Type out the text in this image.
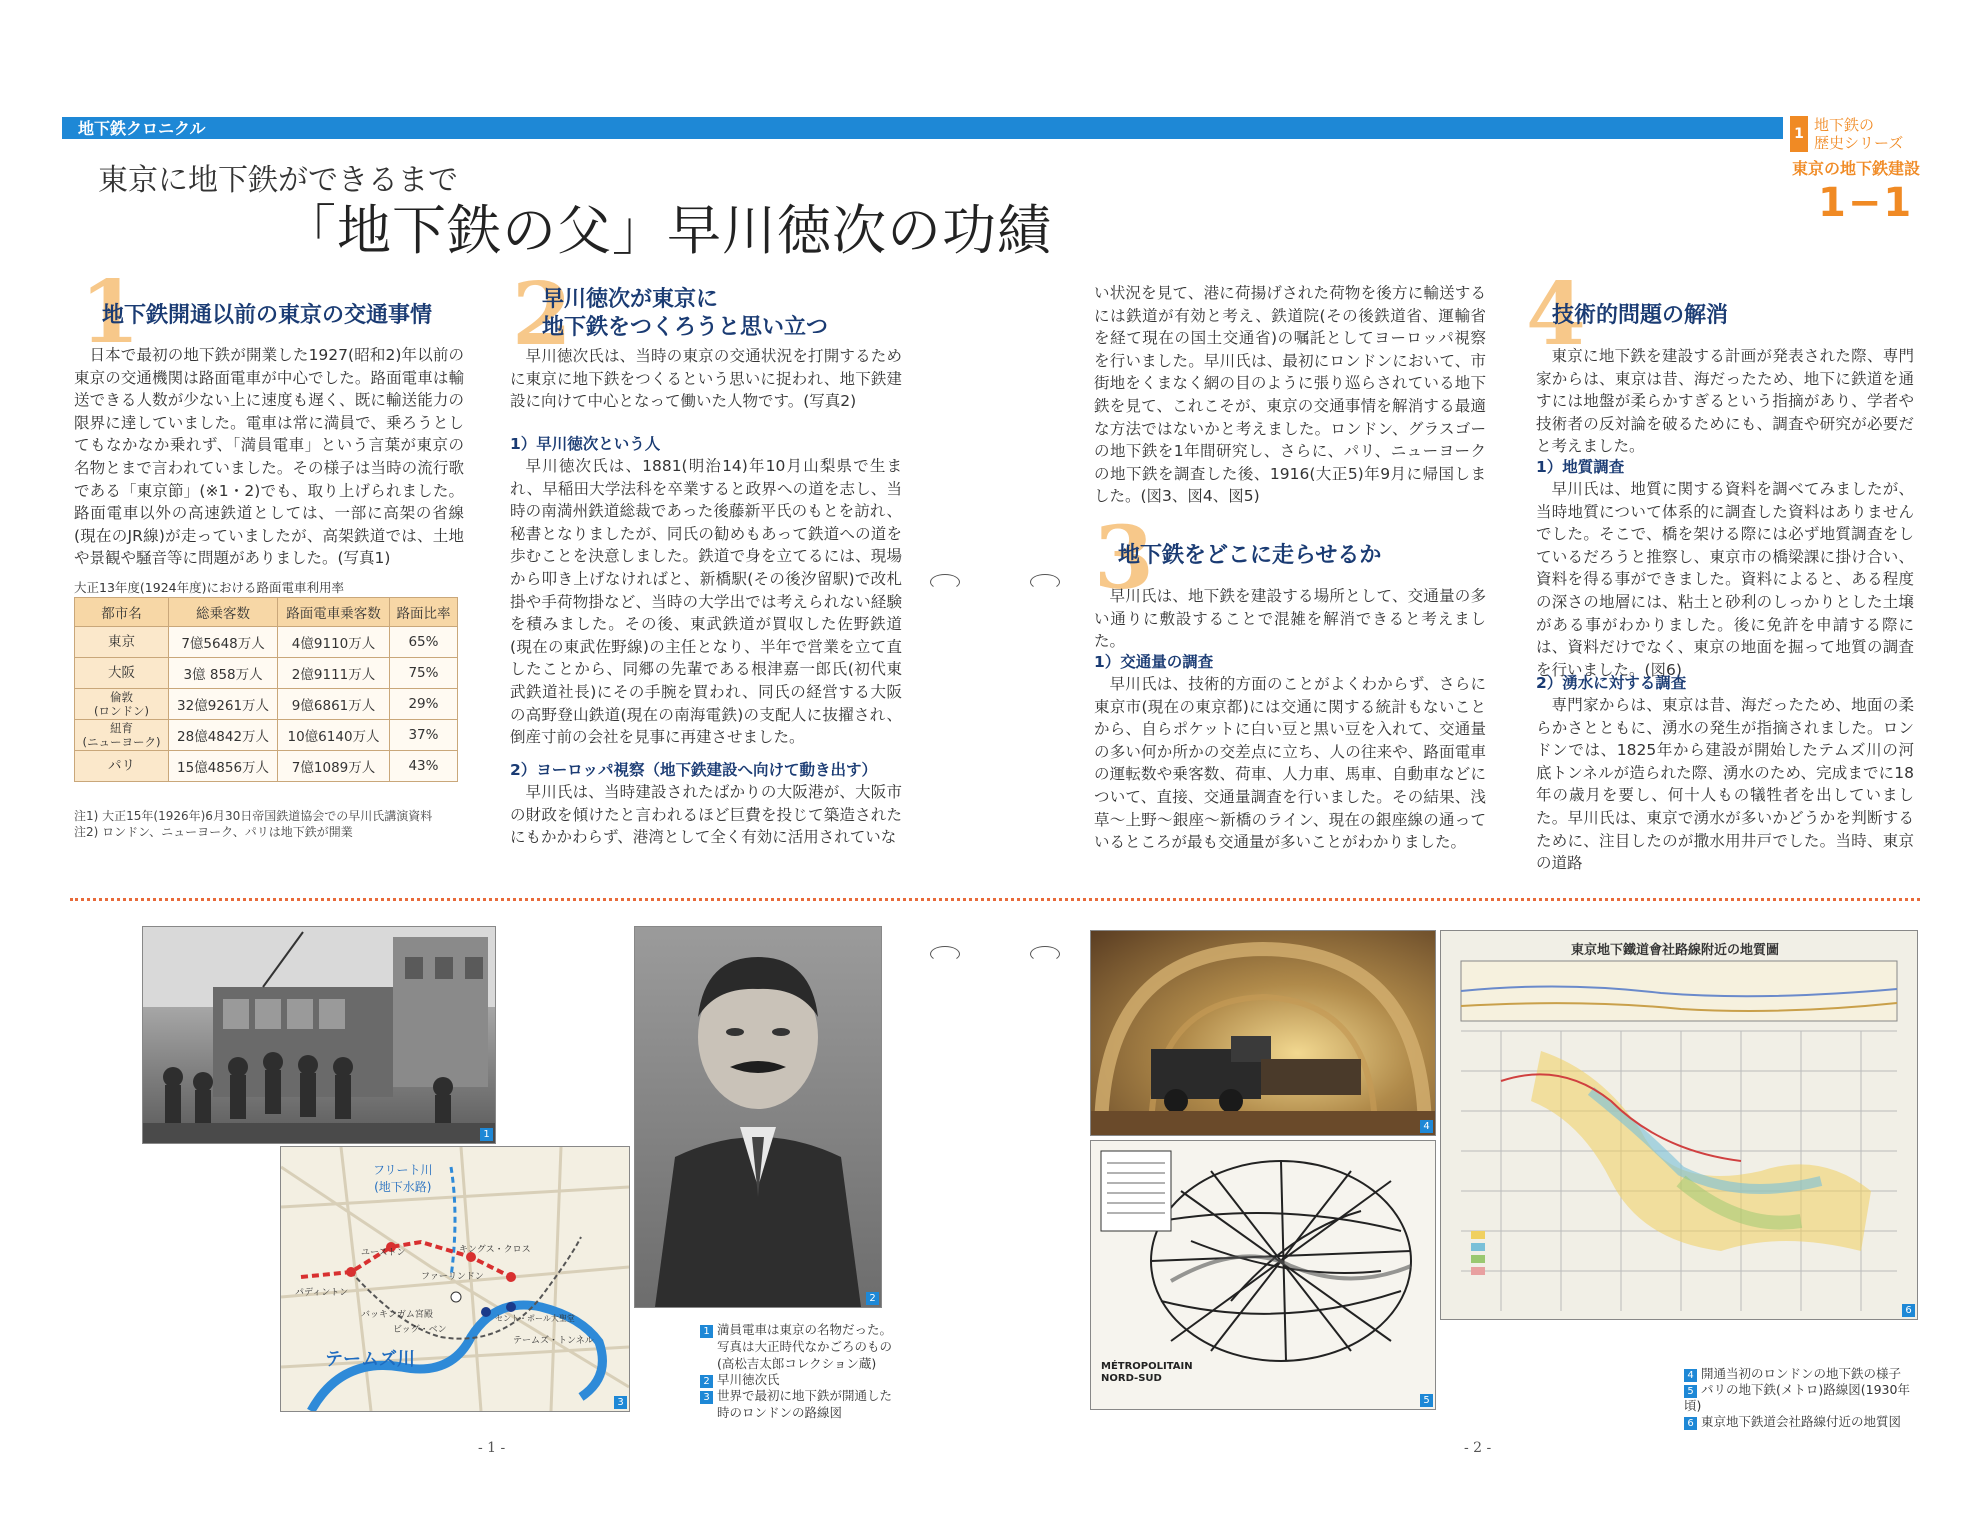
地下鉄クロニクル	1 地下鉄の
歴史シリーズ
東京の地下鉄建設
1−1
東京に地下鉄ができるまで
「地下鉄の父」早川徳次の功績
1
地下鉄開通以前の東京の交通事情
日本で最初の地下鉄が開業した1927(昭和2)年以前の東京の交通機関は路面電車が中心でした。路面電車は輸送できる人数が少ない上に速度も遅く、既に輸送能力の限界に達していました。電車は常に満員で、乗ろうとしてもなかなか乗れず、「満員電車」という言葉が東京の名物とまで言われていました。その様子は当時の流行歌である「東京節」(※1・2)でも、取り上げられました。路面電車以外の高速鉄道としては、一部に高架の省線(現在のJR線)が走っていましたが、高架鉄道では、土地や景観や騒音等に問題がありました。(写真1)
大正13年度(1924年度)における路面電車利用率
都市名	総乗客数	路面電車乗客数	路面比率
東京	7億5648万人	4億9110万人	65%
大阪	3億 858万人	2億9111万人	75%
倫敦
(ロンドン)	32億9261万人	9億6861万人	29%
紐育
(ニューヨーク)	28億4842万人	10億6140万人	37%
パリ	15億4856万人	7億1089万人	43%
注1) 大正15年(1926年)6月30日帝国鉄道協会での早川氏講演資料
注2) ロンドン、ニューヨーク、パリは地下鉄が開業
2
早川徳次が東京に
地下鉄をつくろうと思い立つ
早川徳次氏は、当時の東京の交通状況を打開するために東京に地下鉄をつくるという思いに捉われ、地下鉄建設に向けて中心となって働いた人物です。(写真2)
1）早川徳次という人
早川徳次氏は、1881(明治14)年10月山梨県で生まれ、早稲田大学法科を卒業すると政界への道を志し、当時の南満州鉄道総裁であった後藤新平氏のもとを訪れ、秘書となりましたが、同氏の勧めもあって鉄道への道を歩むことを決意しました。鉄道で身を立てるには、現場から叩き上げなければと、新橋駅(その後汐留駅)で改札掛や手荷物掛など、当時の大学出では考えられない経験を積みました。その後、東武鉄道が買収した佐野鉄道(現在の東武佐野線)の主任となり、半年で営業を立て直したことから、同郷の先輩である根津嘉一郎氏(初代東武鉄道社長)にその手腕を買われ、同氏の経営する大阪の高野登山鉄道(現在の南海電鉄)の支配人に抜擢され、倒産寸前の会社を見事に再建させました。
2）ヨーロッパ視察（地下鉄建設へ向けて動き出す）
早川氏は、当時建設されたばかりの大阪港が、大阪市の財政を傾けたと言われるほど巨費を投じて築造されたにもかかわらず、港湾として全く有効に活用されていな
い状況を見て、港に荷揚げされた荷物を後方に輸送するには鉄道が有効と考え、鉄道院(その後鉄道省、運輸省を経て現在の国土交通省)の嘱託としてヨーロッパ視察を行いました。早川氏は、最初にロンドンにおいて、市街地をくまなく網の目のように張り巡らされている地下鉄を見て、これこそが、東京の交通事情を解消する最適な方法ではないかと考えました。ロンドン、グラスゴーの地下鉄を1年間研究し、さらに、パリ、ニューヨークの地下鉄を調査した後、1916(大正5)年9月に帰国しました。(図3、図4、図5)
3
地下鉄をどこに走らせるか
早川氏は、地下鉄を建設する場所として、交通量の多い通りに敷設することで混雑を解消できると考えました。
1）交通量の調査
早川氏は、技術的方面のことがよくわからず、さらに東京市(現在の東京都)には交通に関する統計もないことから、自らポケットに白い豆と黒い豆を入れて、交通量の多い何か所かの交差点に立ち、人の往来や、路面電車の運転数や乗客数、荷車、人力車、馬車、自動車などについて、直接、交通量調査を行いました。その結果、浅草〜上野〜銀座〜新橋のライン、現在の銀座線の通っているところが最も交通量が多いことがわかりました。
4
技術的問題の解消
東京に地下鉄を建設する計画が発表された際、専門家からは、東京は昔、海だったため、地下に鉄道を通すには地盤が柔らかすぎるという指摘があり、学者や技術者の反対論を破るためにも、調査や研究が必要だと考えました。
1）地質調査
早川氏は、地質に関する資料を調べてみましたが、当時地質について体系的に調査した資料はありませんでした。そこで、橋を架ける際には必ず地質調査をしているだろうと推察し、東京市の橋梁課に掛け合い、資料を得る事ができました。資料によると、ある程度の深さの地層には、粘土と砂利のしっかりとした土壌がある事がわかりました。後に免許を申請する際には、資料だけでなく、東京の地面を掘って地質の調査を行いました。(図6)
2）湧水に対する調査
専門家からは、東京は昔、海だったため、地面の柔らかさとともに、湧水の発生が指摘されました。ロンドンでは、1825年から建設が開始したテムズ川の河底トンネルが造られた際、湧水のため、完成までに18年の歳月を要し、何十人もの犠牲者を出していました。早川氏は、東京で湧水が多いかどうかを判断するために、注目したのが撒水用井戸でした。当時、東京の道路
1
2
フリート川
(地下水路)
キングス・クロス
ユーストン
ファーリンドン
パディントン
セント・ポール大聖堂
バッキンガム宮殿
ビッグ・ベン
テームズ・トンネル
テームズ川
3
1 満員電車は東京の名物だった。
写真は大正時代なかごろのもの
(高松吉太郎コレクション蔵)
2 早川徳次氏
3 世界で最初に地下鉄が開通した
時のロンドンの路線図
4
MÉTROPOLITAIN
NORD-SUD
5
東京地下鐵道會社路線附近の地質圖
6
4 開通当初のロンドンの地下鉄の様子
5 パリの地下鉄(メトロ)路線図(1930年頃)
6 東京地下鉄道会社路線付近の地質図
- 1 -	- 2 -
